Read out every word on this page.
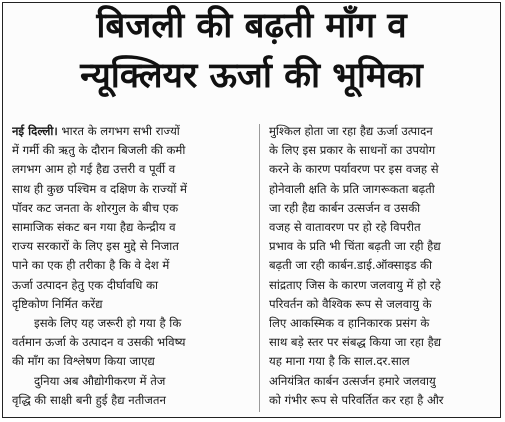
बिजली की बढ़ती माँग व
न्यूक्लियर ऊर्जा की भूमिका
नई दिल्ली। भारत के लगभग सभी राज्यों
में गर्मी की ऋतु के दौरान बिजली की कमी
लगभग आम हो गई हैद्य उत्तरी व पूर्वी व
साथ ही कुछ पश्चिम व दक्षिण के राज्यों में
पॉवर कट जनता के शोरगुल के बीच एक
सामाजिक संकट बन गया हैद्य केन्द्रीय व
राज्य सरकारों के लिए इस मुद्दे से निजात
पाने का एक ही तरीका है कि वे देश में
ऊर्जा उत्पादन हेतु एक दीर्घावधि का
दृष्टिकोण निर्मित करेंद्य
इसके लिए यह जरूरी हो गया है कि
वर्तमान ऊर्जा के उत्पादन व उसकी भविष्य
की माँग का विश्लेषण किया जाएद्य
दुनिया अब औद्योगीकरण में तेज
वृद्धि की साक्षी बनी हुई हैद्य नतीजतन
मुश्किल होता जा रहा हैद्य ऊर्जा उत्पादन
के लिए इस प्रकार के साधनों का उपयोग
करने के कारण पर्यावरण पर इस वजह से
होनेवाली क्षति के प्रति जागरूकता बढ़ती
जा रही हैद्य कार्बन उत्सर्जन व उसकी
वजह से वातावरण पर हो रहे विपरीत
प्रभाव के प्रति भी चिंता बढ़ती जा रही हैद्य
बढ़ती जा रही कार्बन.डाई.ऑक्साइड की
सांद्रताए जिस के कारण जलवायु में हो रहे
परिवर्तन को वैश्विक रूप से जलवायु के
लिए आकस्मिक व हानिकारक प्रसंग के
साथ बड़े स्तर पर संबद्ध किया जा रहा हैद्य
यह माना गया है कि साल.दर.साल
अनियंत्रित कार्बन उत्सर्जन हमारे जलवायु
को गंभीर रूप से परिवर्तित कर रहा है और
